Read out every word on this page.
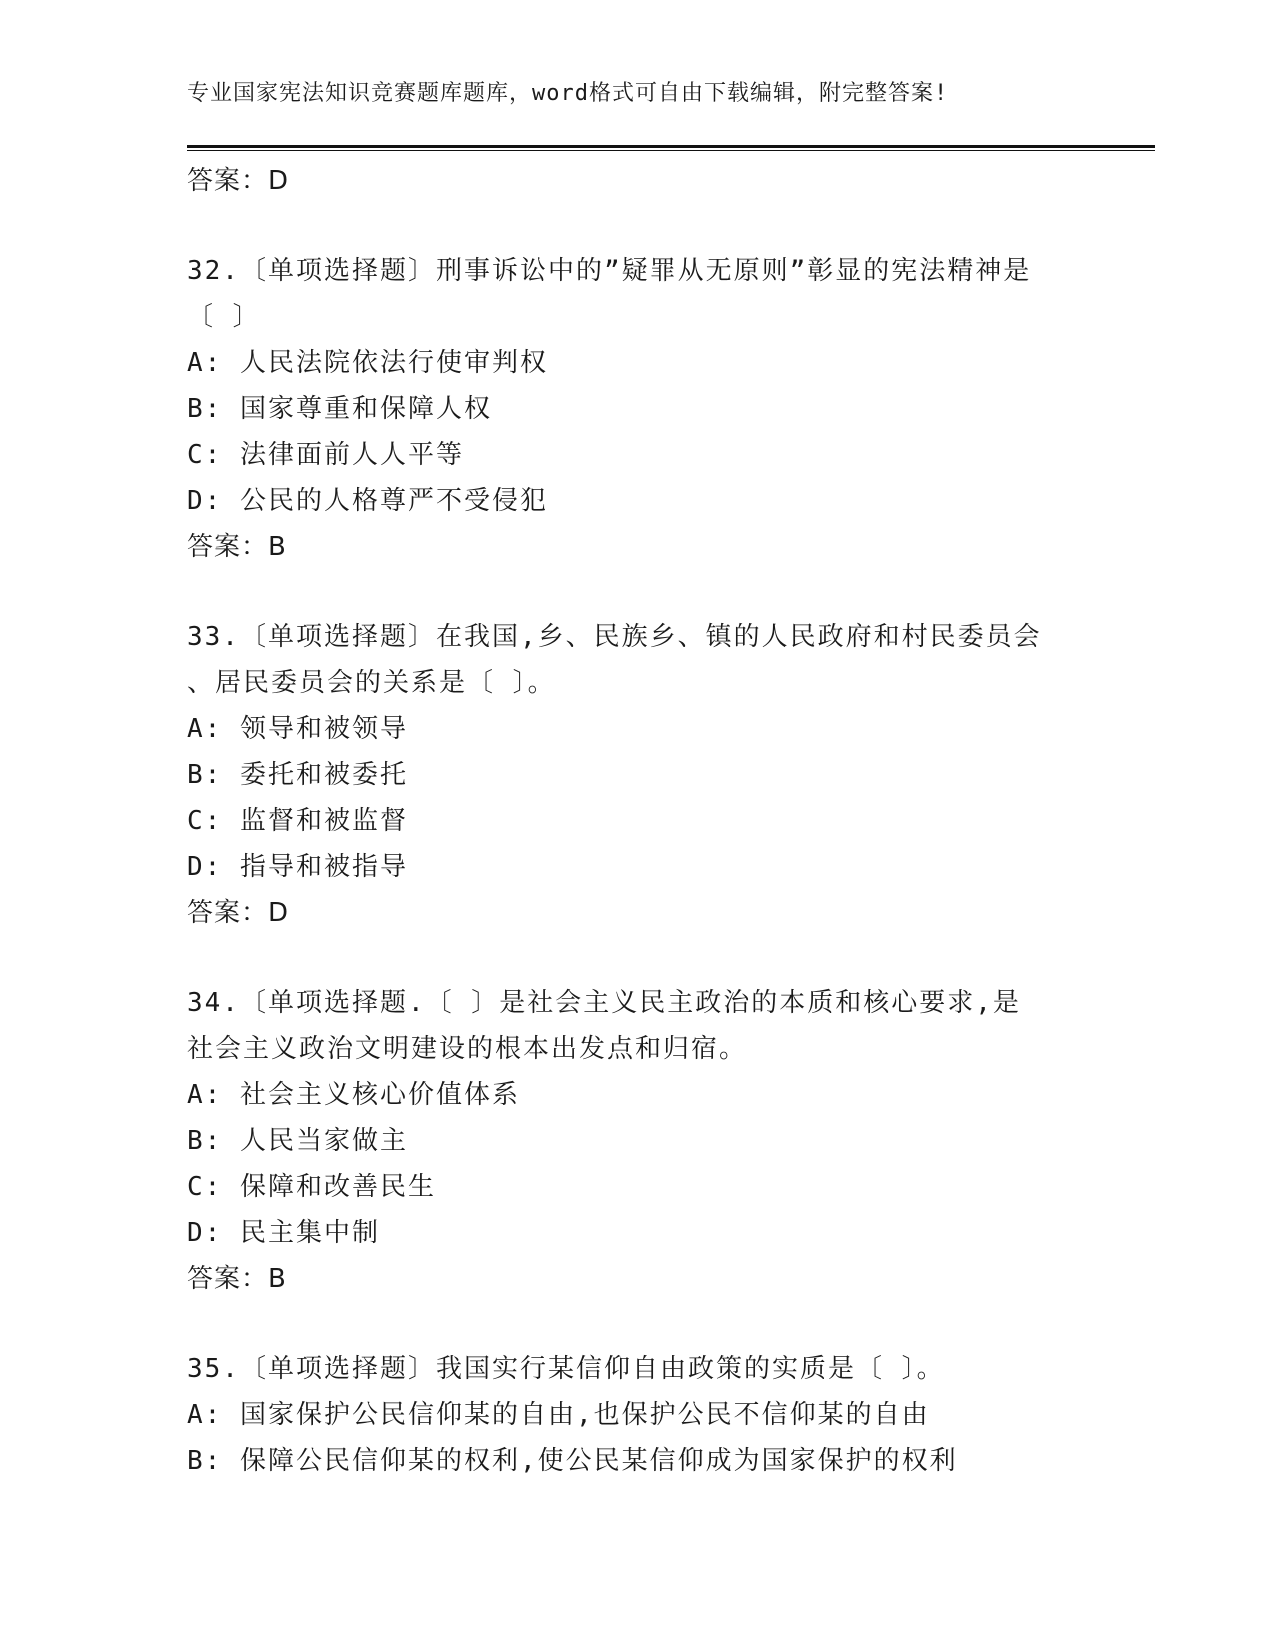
专业国家宪法知识竞赛题库题库，word格式可自由下载编辑，附完整答案!
答案：D
32.〔单项选择题〕刑事诉讼中的”疑罪从无原则”彰显的宪法精神是
〔 〕
A: 人民法院依法行使审判权
B: 国家尊重和保障人权
C: 法律面前人人平等
D: 公民的人格尊严不受侵犯
答案：B
33.〔单项选择题〕在我国,乡、民族乡、镇的人民政府和村民委员会
、居民委员会的关系是〔 〕。
A: 领导和被领导
B: 委托和被委托
C: 监督和被监督
D: 指导和被指导
答案：D
34.〔单项选择题.〔 〕是社会主义民主政治的本质和核心要求,是
社会主义政治文明建设的根本出发点和归宿。
A: 社会主义核心价值体系
B: 人民当家做主
C: 保障和改善民生
D: 民主集中制
答案：B
35.〔单项选择题〕我国实行某信仰自由政策的实质是〔 〕。
A: 国家保护公民信仰某的自由,也保护公民不信仰某的自由
B: 保障公民信仰某的权利,使公民某信仰成为国家保护的权利
